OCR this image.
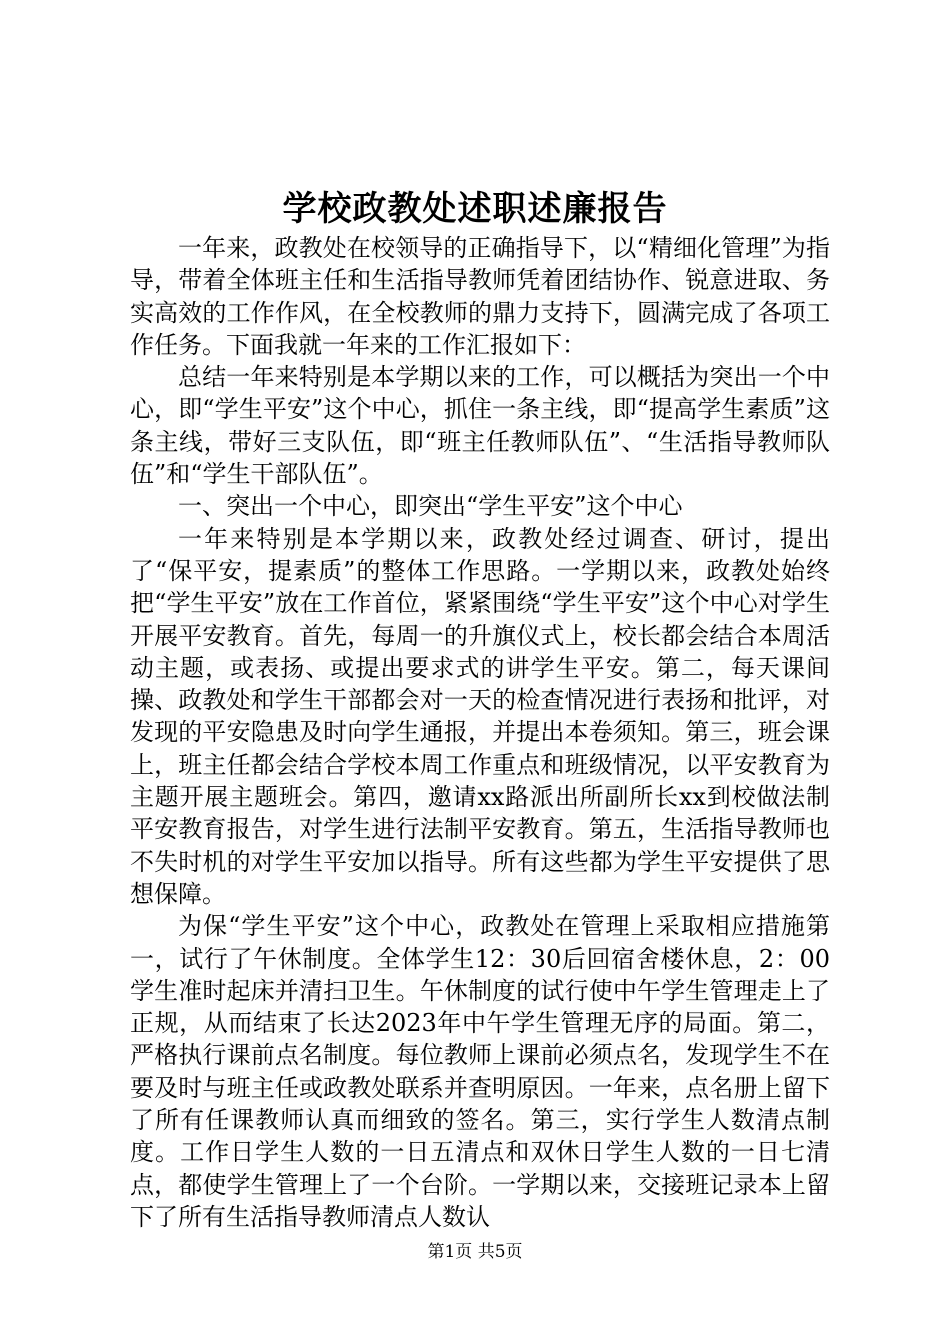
学校政教处述职述廉报告

一年来，政教处在校领导的正确指导下，以“精细化管理”为指导，带着全体班主任和生活指导教师凭着团结协作、锐意进取、务实高效的工作作风，在全校教师的鼎力支持下，圆满完成了各项工作任务。下面我就一年来的工作汇报如下：

总结一年来特别是本学期以来的工作，可以概括为突出一个中心，即“学生平安”这个中心，抓住一条主线，即“提高学生素质”这条主线，带好三支队伍，即“班主任教师队伍”、“生活指导教师队伍”和“学生干部队伍”。

一、突出一个中心，即突出“学生平安”这个中心

一年来特别是本学期以来，政教处经过调查、研讨，提出了“保平安，提素质”的整体工作思路。一学期以来，政教处始终把“学生平安”放在工作首位，紧紧围绕“学生平安”这个中心对学生开展平安教育。首先，每周一的升旗仪式上，校长都会结合本周活动主题，或表扬、或提出要求式的讲学生平安。第二，每天课间操、政教处和学生干部都会对一天的检查情况进行表扬和批评，对发现的平安隐患及时向学生通报，并提出本卷须知。第三，班会课上，班主任都会结合学校本周工作重点和班级情况，以平安教育为主题开展主题班会。第四，邀请xx路派出所副所长xx到校做法制平安教育报告，对学生进行法制平安教育。第五，生活指导教师也不失时机的对学生平安加以指导。所有这些都为学生平安提供了思想保障。

为保“学生平安”这个中心，政教处在管理上采取相应措施第一，试行了午休制度。全体学生12：30后回宿舍楼休息，2：00学生准时起床并清扫卫生。午休制度的试行使中午学生管理走上了正规，从而结束了长达2023年中午学生管理无序的局面。第二，严格执行课前点名制度。每位教师上课前必须点名，发现学生不在要及时与班主任或政教处联系并查明原因。一年来，点名册上留下了所有任课教师认真而细致的签名。第三，实行学生人数清点制度。工作日学生人数的一日五清点和双休日学生人数的一日七清点，都使学生管理上了一个台阶。一学期以来，交接班记录本上留下了所有生活指导教师清点人数认

第1页 共5页
